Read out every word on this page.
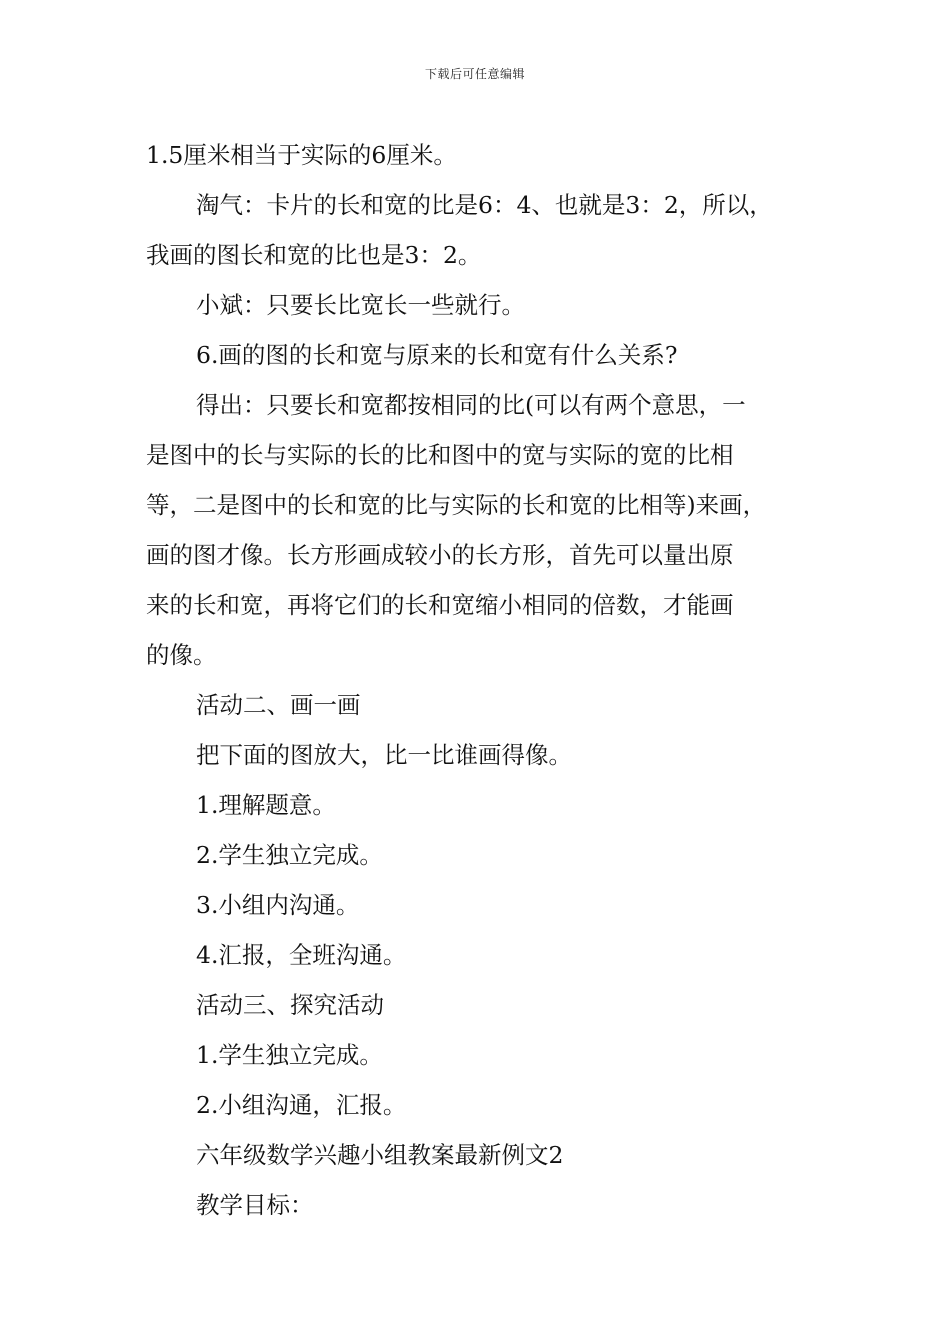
下载后可任意编辑
1.5厘米相当于实际的6厘米。
淘气：卡片的长和宽的比是6：4、也就是3：2，所以，
我画的图长和宽的比也是3：2。
小斌：只要长比宽长一些就行。
6.画的图的长和宽与原来的长和宽有什么关系?
得出：只要长和宽都按相同的比(可以有两个意思，一
是图中的长与实际的长的比和图中的宽与实际的宽的比相
等，二是图中的长和宽的比与实际的长和宽的比相等)来画，
画的图才像。长方形画成较小的长方形，首先可以量出原
来的长和宽，再将它们的长和宽缩小相同的倍数，才能画
的像。
活动二、画一画
把下面的图放大，比一比谁画得像。
1.理解题意。
2.学生独立完成。
3.小组内沟通。
4.汇报，全班沟通。
活动三、探究活动
1.学生独立完成。
2.小组沟通，汇报。
六年级数学兴趣小组教案最新例文2
教学目标：
